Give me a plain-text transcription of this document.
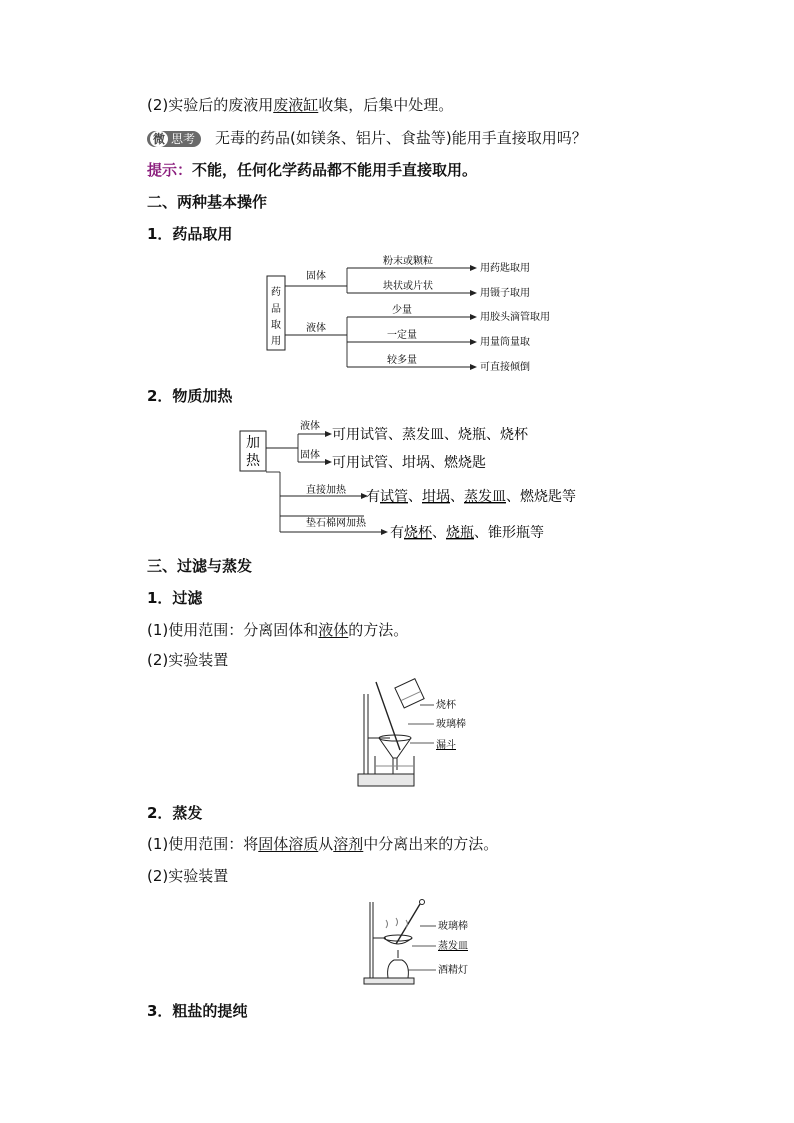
(2)实验后的废液用废液缸收集，后集中处理。
微 思考 无毒的药品(如镁条、铝片、食盐等)能用手直接取用吗？
提示：不能，任何化学药品都不能用手直接取用。
二、两种基本操作
1．药品取用
药
品
取
用
固体
液体
粉末或颗粒
块状或片状
少量
一定量
较多量
用药匙取用
用镊子取用
用胶头滴管取用
用量筒量取
可直接倾倒
2．物质加热
加
热
液体
固体
直接加热
垫石棉网加热
可用试管、蒸发皿、烧瓶、烧杯
可用试管、坩埚、燃烧匙
有试管、坩埚、蒸发皿、燃烧匙等
有烧杯、烧瓶、锥形瓶等
三、过滤与蒸发
1．过滤
(1)使用范围：分离固体和液体的方法。
(2)实验装置
烧杯
玻璃棒
漏斗
2．蒸发
(1)使用范围：将固体溶质从溶剂中分离出来的方法。
(2)实验装置
玻璃棒
蒸发皿
酒精灯
3．粗盐的提纯
